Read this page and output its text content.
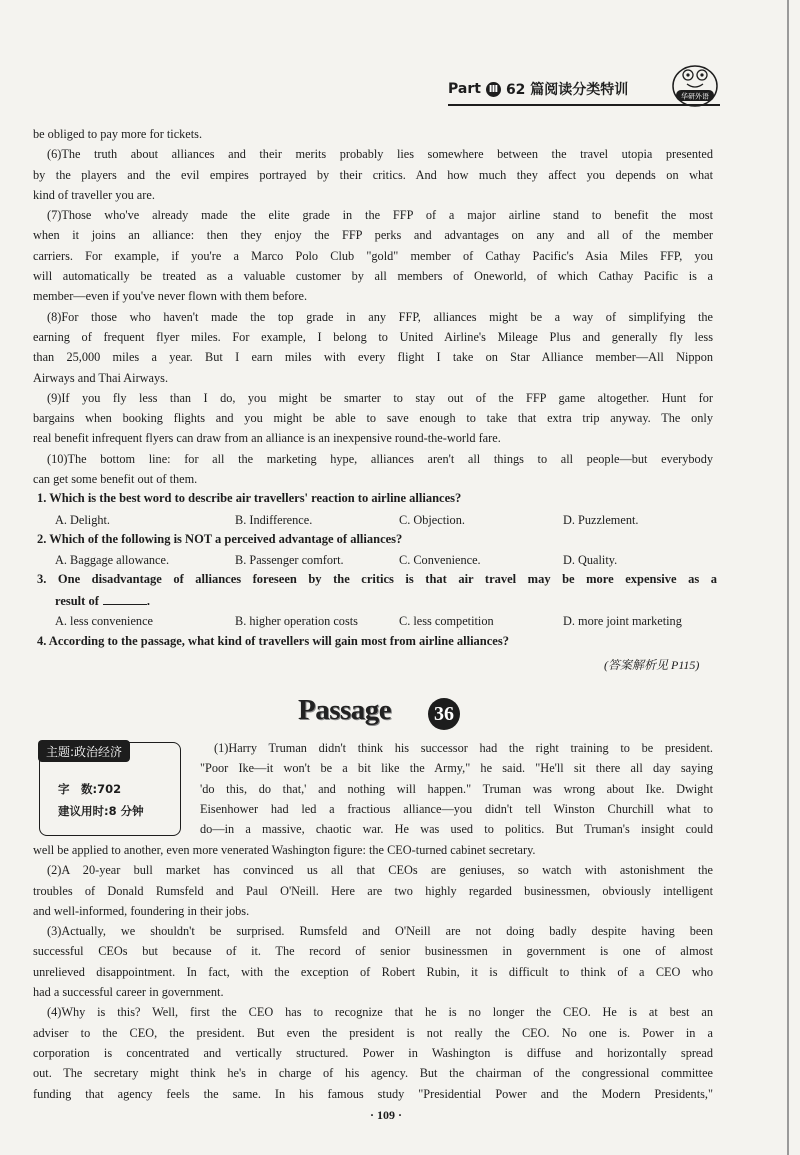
Part Ⅲ 62 篇阅读分类特训	华研外语
be obliged to pay more for tickets.
(6)The truth about alliances and their merits probably lies somewhere between the travel utopia presented
by the players and the evil empires portrayed by their critics. And how much they affect you depends on what
kind of traveller you are.
(7)Those who've already made the elite grade in the FFP of a major airline stand to benefit the most
when it joins an alliance: then they enjoy the FFP perks and advantages on any and all of the member
carriers. For example, if you're a Marco Polo Club "gold" member of Cathay Pacific's Asia Miles FFP, you
will automatically be treated as a valuable customer by all members of Oneworld, of which Cathay Pacific is a
member—even if you've never flown with them before.
(8)For those who haven't made the top grade in any FFP, alliances might be a way of simplifying the
earning of frequent flyer miles. For example, I belong to United Airline's Mileage Plus and generally fly less
than 25,000 miles a year. But I earn miles with every flight I take on Star Alliance member—All Nippon
Airways and Thai Airways.
(9)If you fly less than I do, you might be smarter to stay out of the FFP game altogether. Hunt for
bargains when booking flights and you might be able to save enough to take that extra trip anyway. The only
real benefit infrequent flyers can draw from an alliance is an inexpensive round-the-world fare.
(10)The bottom line: for all the marketing hype, alliances aren't all things to all people—but everybody
can get some benefit out of them.
1. Which is the best word to describe air travellers' reaction to airline alliances?
A. Delight.	B. Indifference.	C. Objection.	D. Puzzlement.
2. Which of the following is NOT a perceived advantage of alliances?
A. Baggage allowance.	B. Passenger comfort.	C. Convenience.	D. Quality.
3. One disadvantage of alliances foreseen by the critics is that air travel may be more expensive as a
result of	.
A. less convenience	B. higher operation costs	C. less competition	D. more joint marketing
4. According to the passage, what kind of travellers will gain most from airline alliances?
(答案解析见 P115)
Passage	36
主题:政治经济
字　数:702
建议用时:8 分钟
(1)Harry Truman didn't think his successor had the right training to be president.
"Poor Ike—it won't be a bit like the Army," he said. "He'll sit there all day saying
'do this, do that,' and nothing will happen." Truman was wrong about Ike. Dwight
Eisenhower had led a fractious alliance—you didn't tell Winston Churchill what to
do—in a massive, chaotic war. He was used to politics. But Truman's insight could
well be applied to another, even more venerated Washington figure: the CEO-turned cabinet secretary.
(2)A 20-year bull market has convinced us all that CEOs are geniuses, so watch with astonishment the
troubles of Donald Rumsfeld and Paul O'Neill. Here are two highly regarded businessmen, obviously intelligent
and well-informed, foundering in their jobs.
(3)Actually, we shouldn't be surprised. Rumsfeld and O'Neill are not doing badly despite having been
successful CEOs but because of it. The record of senior businessmen in government is one of almost
unrelieved disappointment. In fact, with the exception of Robert Rubin, it is difficult to think of a CEO who
had a successful career in government.
(4)Why is this? Well, first the CEO has to recognize that he is no longer the CEO. He is at best an
adviser to the CEO, the president. But even the president is not really the CEO. No one is. Power in a
corporation is concentrated and vertically structured. Power in Washington is diffuse and horizontally spread
out. The secretary might think he's in charge of his agency. But the chairman of the congressional committee
funding that agency feels the same. In his famous study "Presidential Power and the Modern Presidents,"
· 109 ·
